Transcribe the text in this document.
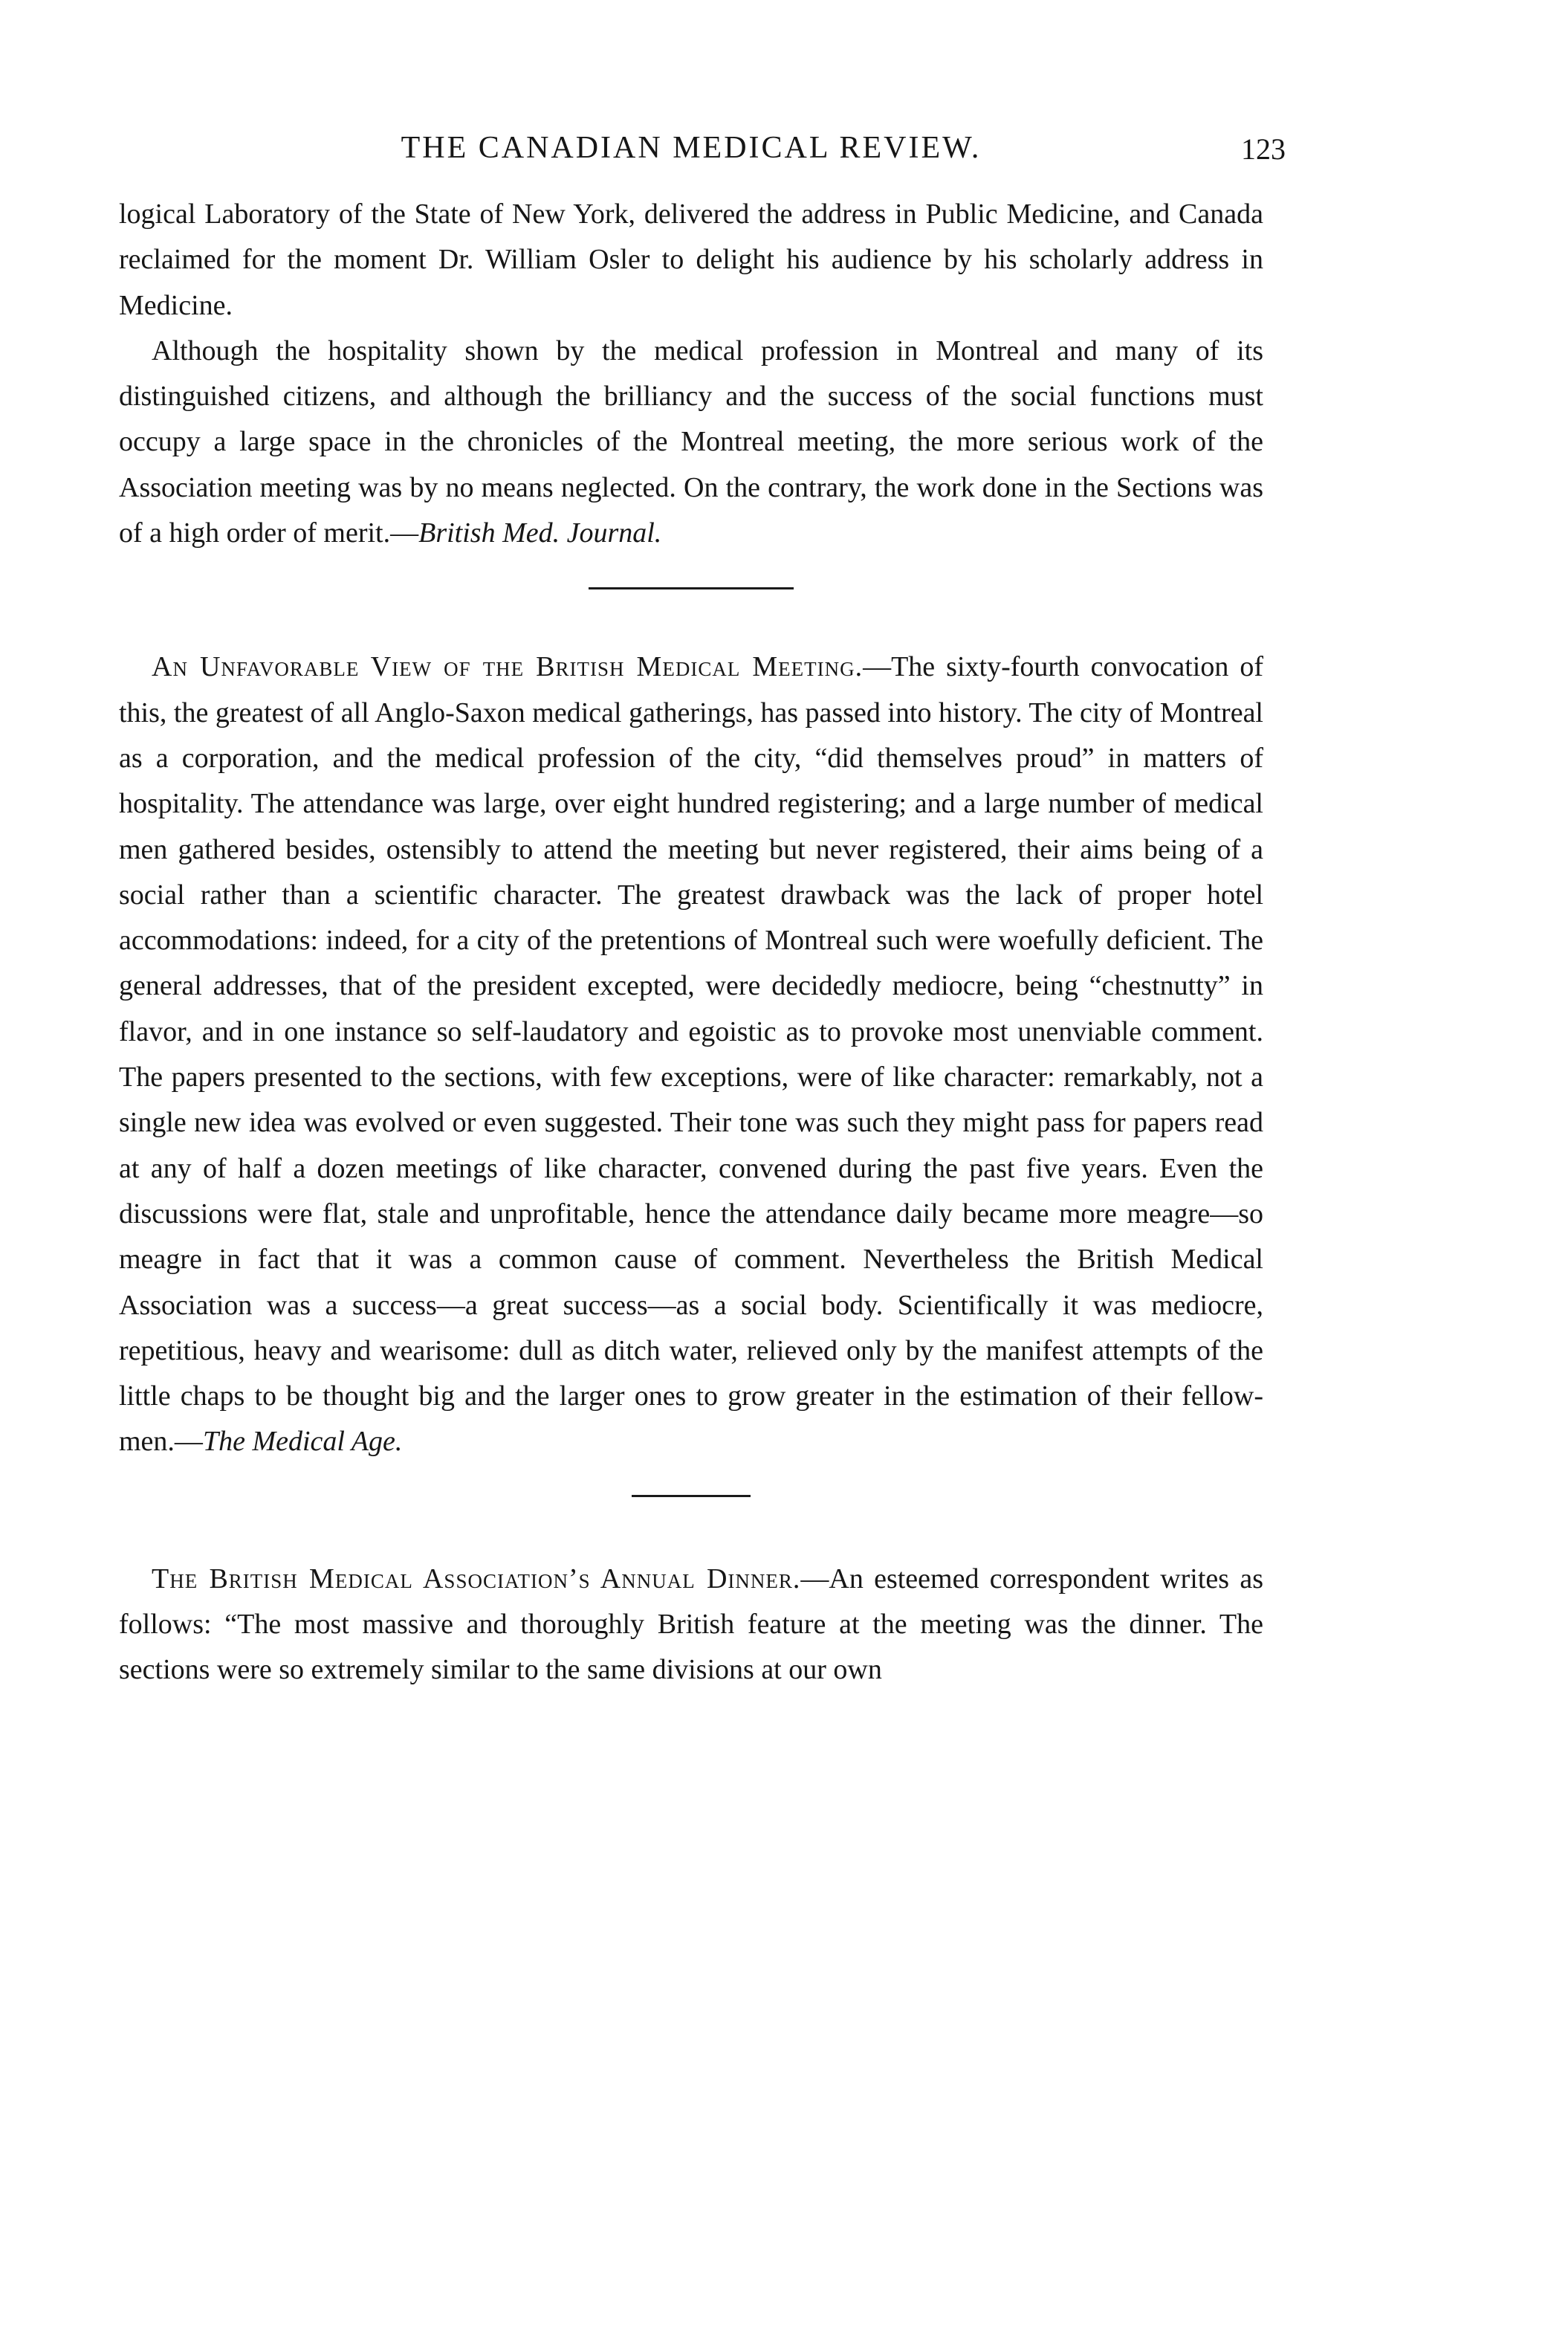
THE CANADIAN MEDICAL REVIEW.	123

logical Laboratory of the State of New York, delivered the address in Public Medicine, and Canada reclaimed for the moment Dr. William Osler to delight his audience by his scholarly address in Medicine.

Although the hospitality shown by the medical profession in Montreal and many of its distinguished citizens, and although the brilliancy and the success of the social functions must occupy a large space in the chronicles of the Montreal meeting, the more serious work of the Association meeting was by no means neglected. On the contrary, the work done in the Sections was of a high order of merit.—British Med. Journal.

An Unfavorable View of the British Medical Meeting.—The sixty-fourth convocation of this, the greatest of all Anglo-Saxon medical gatherings, has passed into history. The city of Montreal as a corporation, and the medical profession of the city, “did themselves proud” in matters of hospitality. The attendance was large, over eight hundred registering; and a large number of medical men gathered besides, ostensibly to attend the meeting but never registered, their aims being of a social rather than a scientific character. The greatest drawback was the lack of proper hotel accommodations: indeed, for a city of the pretentions of Montreal such were woefully deficient. The general addresses, that of the president excepted, were decidedly mediocre, being “chestnutty” in flavor, and in one instance so self-laudatory and egoistic as to provoke most unenviable comment. The papers presented to the sections, with few exceptions, were of like character: remarkably, not a single new idea was evolved or even suggested. Their tone was such they might pass for papers read at any of half a dozen meetings of like character, convened during the past five years. Even the discussions were flat, stale and unprofitable, hence the attendance daily became more meagre—so meagre in fact that it was a common cause of comment. Nevertheless the British Medical Association was a success—a great success—as a social body. Scientifically it was mediocre, repetitious, heavy and wearisome: dull as ditch water, relieved only by the manifest attempts of the little chaps to be thought big and the larger ones to grow greater in the estimation of their fellow-men.—The Medical Age.

The British Medical Association’s Annual Dinner.—An esteemed correspondent writes as follows: “The most massive and thoroughly British feature at the meeting was the dinner. The sections were so extremely similar to the same divisions at our own
